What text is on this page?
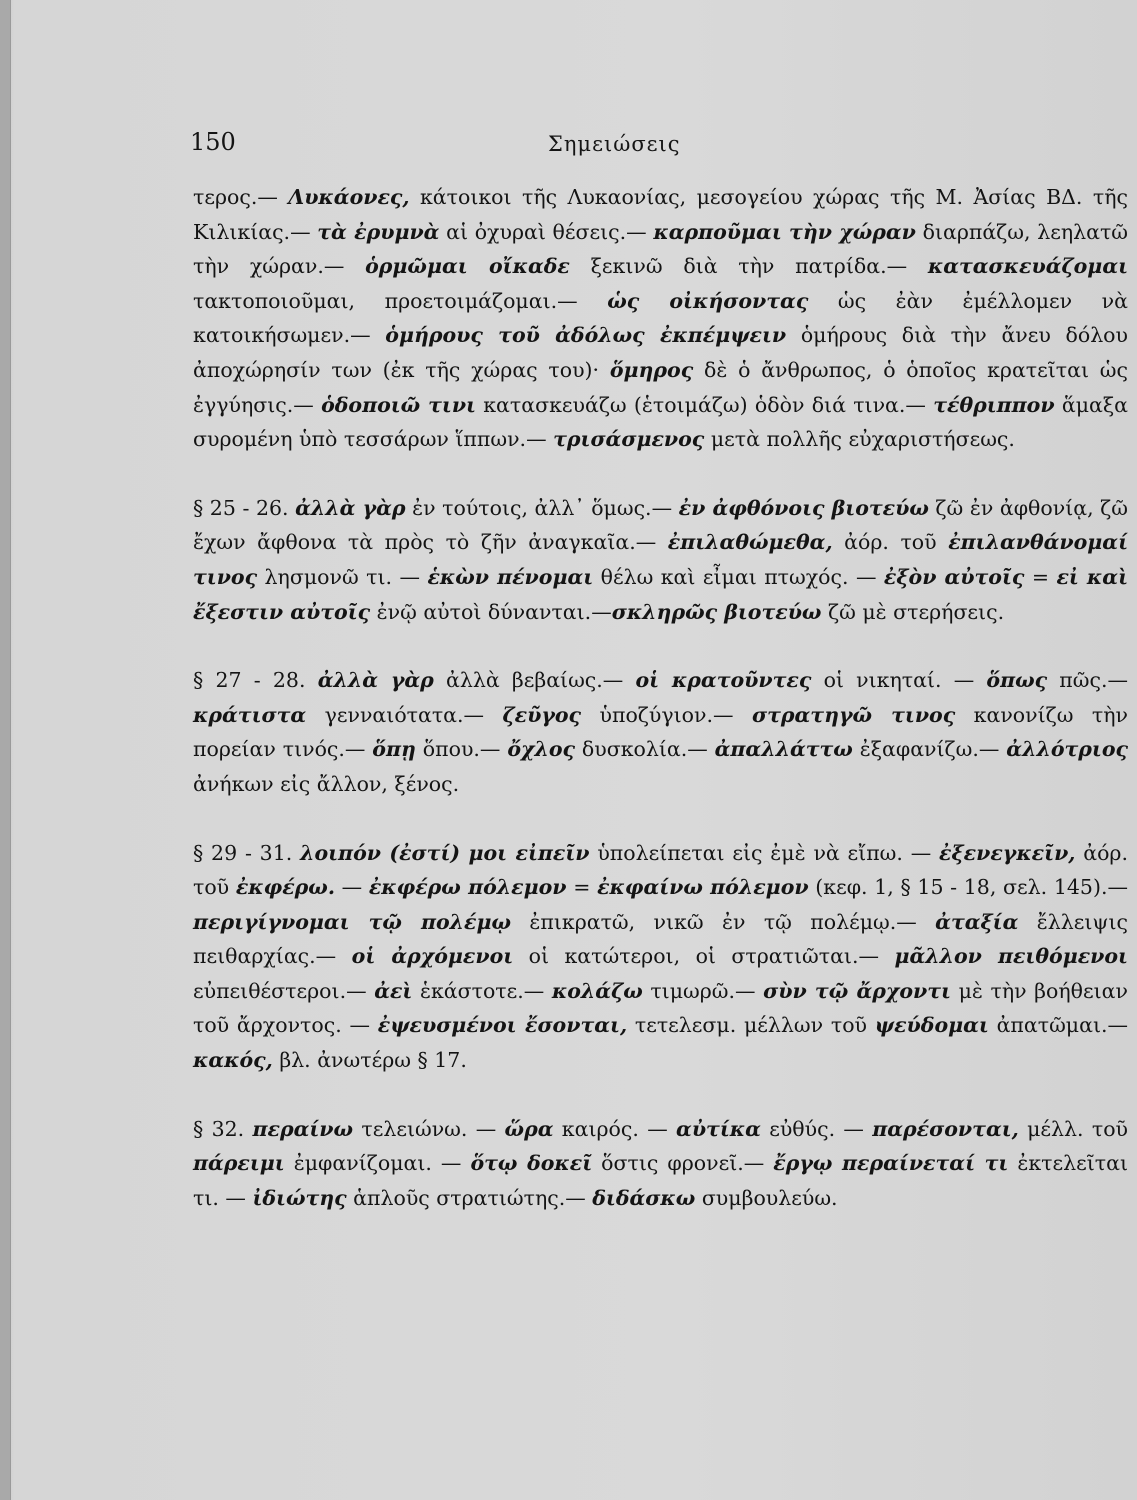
150	Σημειώσεις

τερος.— Λυκάονες, κάτοικοι τῆς Λυκαονίας, μεσογείου χώρας τῆς Μ. Ἀσίας ΒΔ. τῆς Κιλικίας.— τὰ ἐρυμνὰ αἱ ὀχυραὶ θέσεις.— καρποῦμαι τὴν χώραν διαρπάζω, λεηλατῶ τὴν χώραν.— ὁρμῶμαι οἴκαδε ξεκινῶ διὰ τὴν πατρίδα.— κατασκευάζομαι τακτοποιοῦμαι, προετοιμάζομαι.— ὡς οἰκήσοντας ὡς ἐὰν ἐμέλλομεν νὰ κατοικήσωμεν.— ὁμήρους τοῦ ἀδόλως ἐκπέμψειν ὁμήρους διὰ τὴν ἄνευ δόλου ἀποχώρησίν των (ἐκ τῆς χώρας του)· ὅμηρος δὲ ὁ ἄνθρωπος, ὁ ὁποῖος κρατεῖται ὡς ἐγγύησις.— ὁδοποιῶ τινι κατασκευάζω (ἑτοιμάζω) ὁδὸν διά τινα.— τέθριππον ἅμαξα συρομένη ὑπὸ τεσσάρων ἵππων.— τρισάσμενος μετὰ πολλῆς εὐχαριστήσεως.

§ 25 - 26. ἀλλὰ γὰρ ἐν τούτοις, ἀλλ᾽ ὅμως.— ἐν ἀφθόνοις βιοτεύω ζῶ ἐν ἀφθονίᾳ, ζῶ ἔχων ἄφθονα τὰ πρὸς τὸ ζῆν ἀναγκαῖα.— ἐπιλαθώμεθα, ἀόρ. τοῦ ἐπιλανθάνομαί τινος λησμονῶ τι. — ἑκὼν πένομαι θέλω καὶ εἶμαι πτωχός. — ἐξὸν αὐτοῖς = εἰ καὶ ἔξεστιν αὐτοῖς ἐνῷ αὐτοὶ δύνανται.—σκληρῶς βιοτεύω ζῶ μὲ στερήσεις.

§ 27 - 28. ἀλλὰ γὰρ ἀλλὰ βεβαίως.— οἱ κρατοῦντες οἱ νικηταί. — ὅπως πῶς.— κράτιστα γενναιότατα.— ζεῦγος ὑποζύγιον.— στρατηγῶ τινος κανονίζω τὴν πορείαν τινός.— ὅπῃ ὅπου.— ὄχλος δυσκολία.— ἀπαλλάττω ἐξαφανίζω.— ἀλλότριος ἀνήκων εἰς ἄλλον, ξένος.

§ 29 - 31. λοιπόν (ἐστί) μοι εἰπεῖν ὑπολείπεται εἰς ἐμὲ νὰ εἴπω. — ἐξενεγκεῖν, ἀόρ. τοῦ ἐκφέρω. — ἐκφέρω πόλεμον = ἐκφαίνω πόλεμον (κεφ. 1, § 15 - 18, σελ. 145).— περιγίγνομαι τῷ πολέμῳ ἐπικρατῶ, νικῶ ἐν τῷ πολέμῳ.— ἀταξία ἔλλειψις πειθαρχίας.— οἱ ἀρχόμενοι οἱ κατώτεροι, οἱ στρατιῶται.— μᾶλλον πειθόμενοι εὐπειθέστεροι.— ἀεὶ ἑκάστοτε.— κολάζω τιμωρῶ.— σὺν τῷ ἄρχοντι μὲ τὴν βοήθειαν τοῦ ἄρχοντος. — ἐψευσμένοι ἔσονται, τετελεσμ. μέλλων τοῦ ψεύδομαι ἀπατῶμαι.— κακός, βλ. ἀνωτέρω § 17.

§ 32. περαίνω τελειώνω. — ὥρα καιρός. — αὐτίκα εὐθύς. — παρέσονται, μέλλ. τοῦ πάρειμι ἐμφανίζομαι. — ὅτῳ δοκεῖ ὅστις φρονεῖ.— ἔργῳ περαίνεταί τι ἐκτελεῖται τι. — ἰδιώτης ἁπλοῦς στρατιώτης.— διδάσκω συμβουλεύω.
